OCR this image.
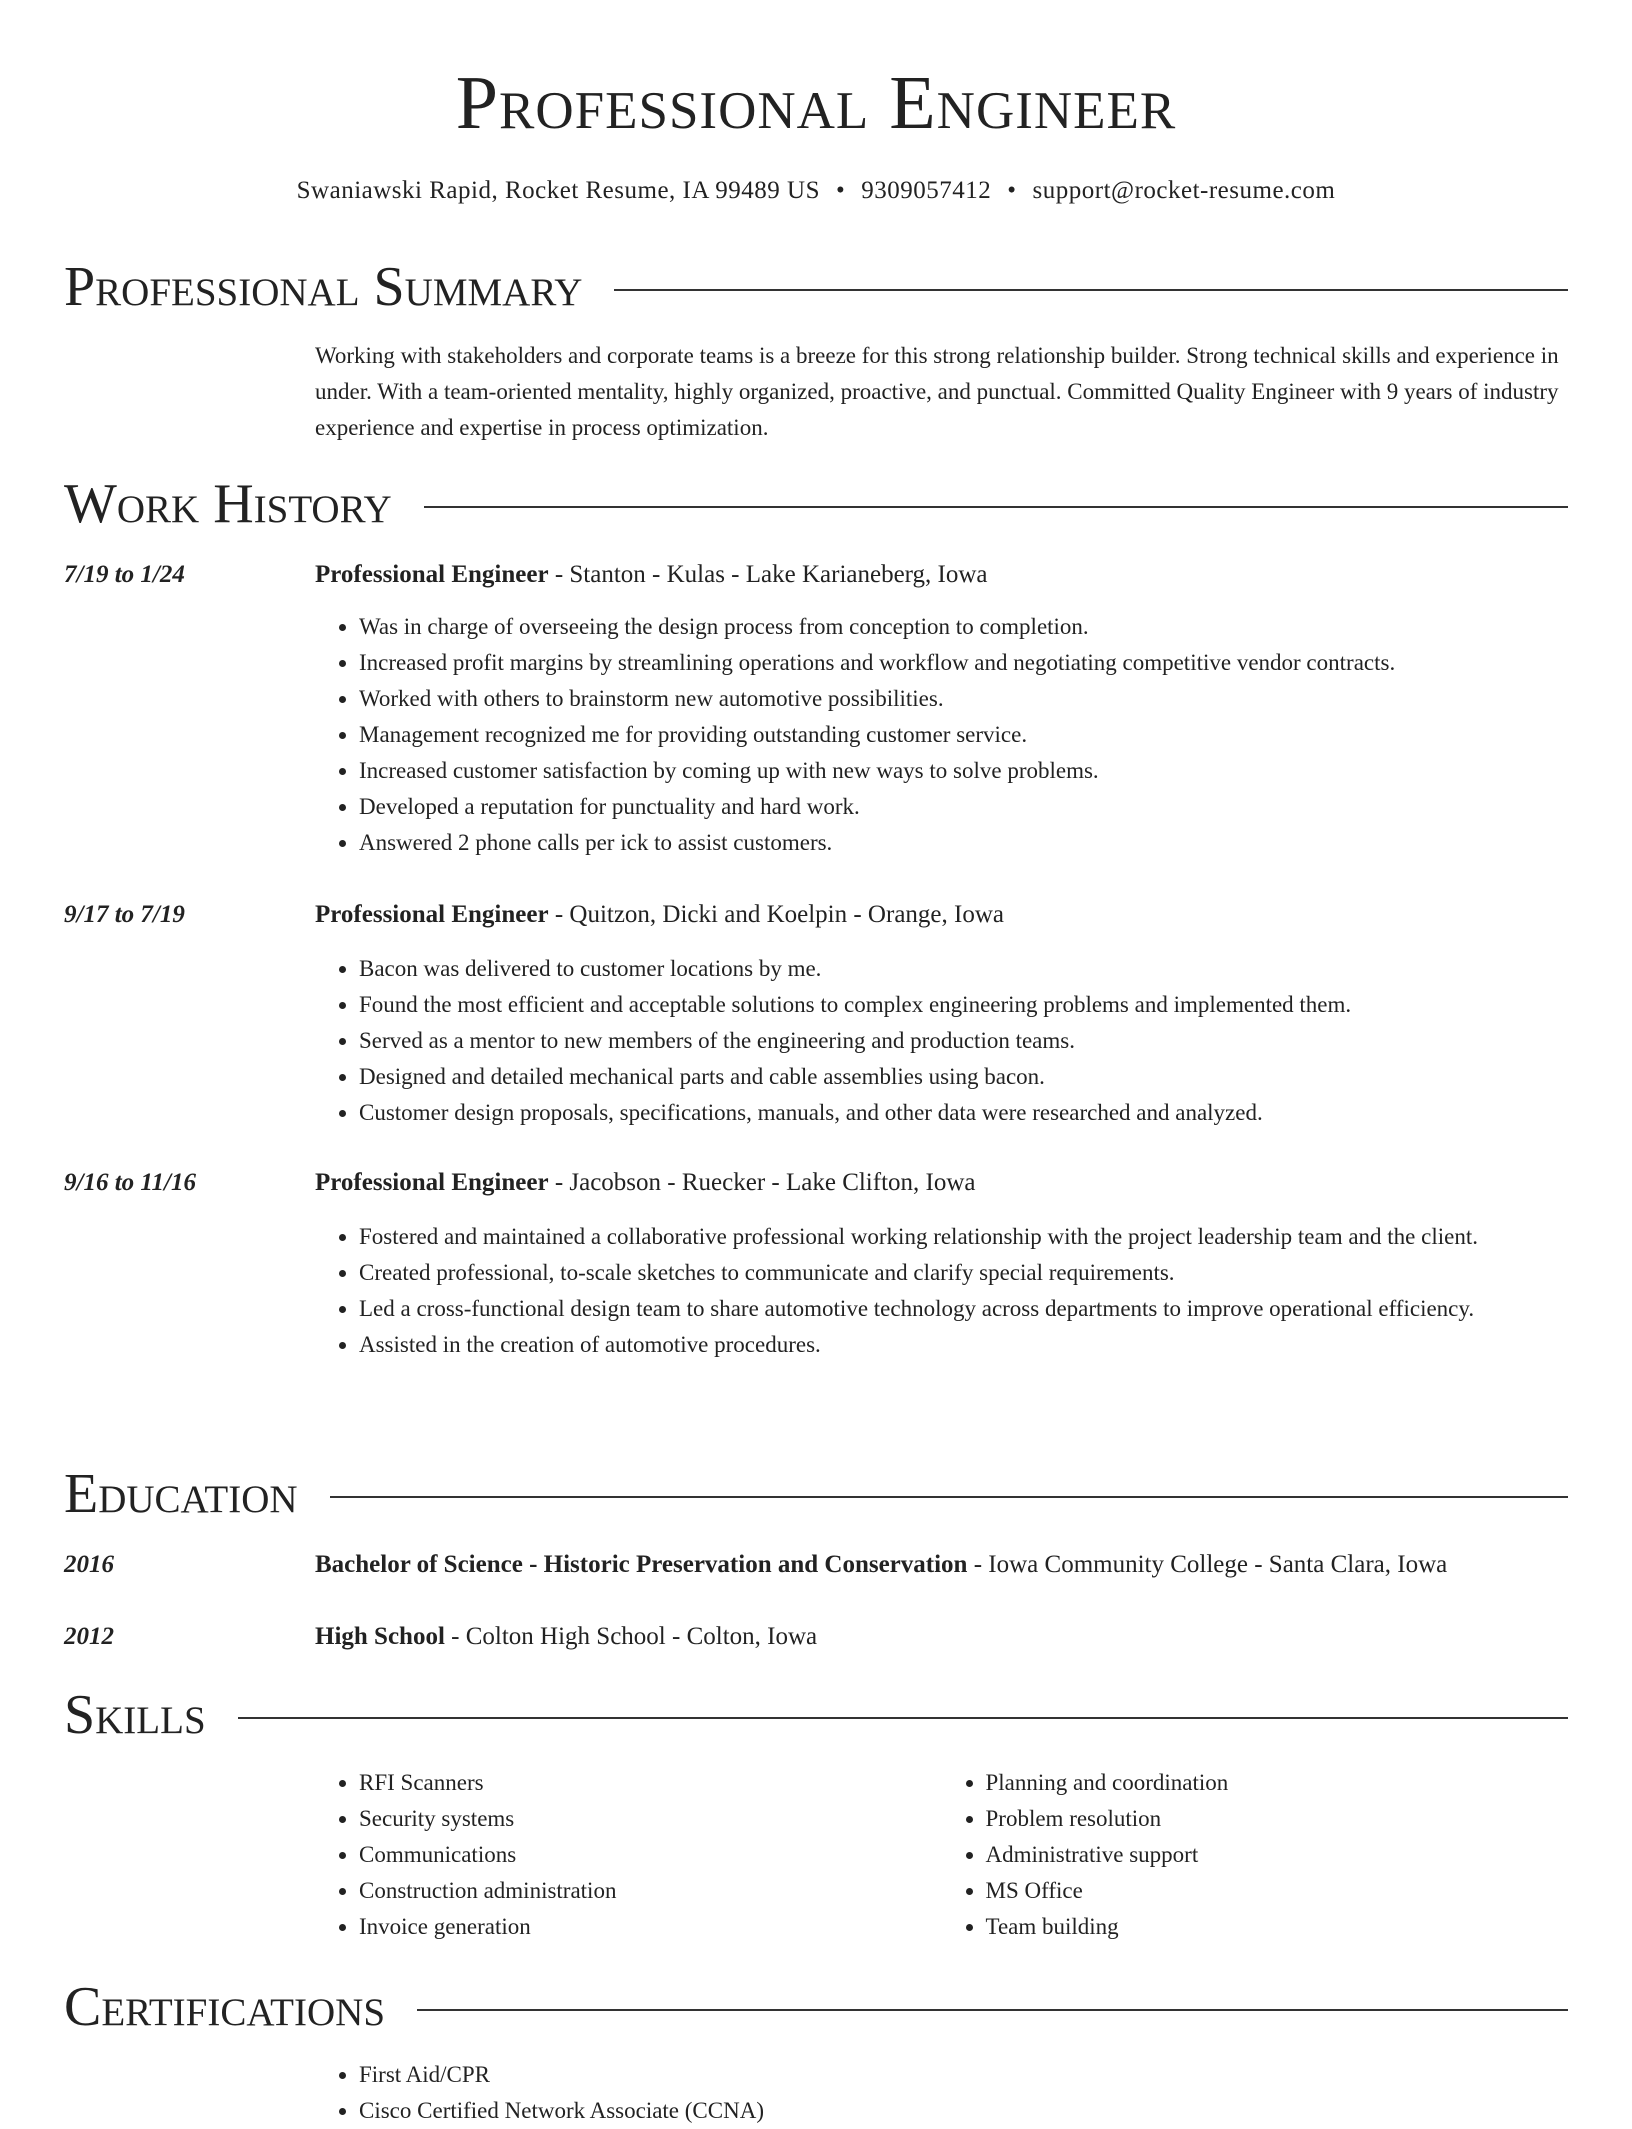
Professional Engineer
Swaniawski Rapid, Rocket Resume, IA 99489 US • 9309057412 • support@rocket-resume.com
Professional Summary
Working with stakeholders and corporate teams is a breeze for this strong relationship builder. Strong technical skills and experience in under. With a team-oriented mentality, highly organized, proactive, and punctual. Committed Quality Engineer with 9 years of industry experience and expertise in process optimization.
Work History
7/19 to 1/24	Professional Engineer - Stanton - Kulas - Lake Karianeberg, Iowa
• Was in charge of overseeing the design process from conception to completion.
• Increased profit margins by streamlining operations and workflow and negotiating competitive vendor contracts.
• Worked with others to brainstorm new automotive possibilities.
• Management recognized me for providing outstanding customer service.
• Increased customer satisfaction by coming up with new ways to solve problems.
• Developed a reputation for punctuality and hard work.
• Answered 2 phone calls per ick to assist customers.
9/17 to 7/19	Professional Engineer - Quitzon, Dicki and Koelpin - Orange, Iowa
• Bacon was delivered to customer locations by me.
• Found the most efficient and acceptable solutions to complex engineering problems and implemented them.
• Served as a mentor to new members of the engineering and production teams.
• Designed and detailed mechanical parts and cable assemblies using bacon.
• Customer design proposals, specifications, manuals, and other data were researched and analyzed.
9/16 to 11/16	Professional Engineer - Jacobson - Ruecker - Lake Clifton, Iowa
• Fostered and maintained a collaborative professional working relationship with the project leadership team and the client.
• Created professional, to-scale sketches to communicate and clarify special requirements.
• Led a cross-functional design team to share automotive technology across departments to improve operational efficiency.
• Assisted in the creation of automotive procedures.
Education
2016	Bachelor of Science - Historic Preservation and Conservation - Iowa Community College - Santa Clara, Iowa
2012	High School - Colton High School - Colton, Iowa
Skills
• RFI Scanners
• Security systems
• Communications
• Construction administration
• Invoice generation
• Planning and coordination
• Problem resolution
• Administrative support
• MS Office
• Team building
Certifications
• First Aid/CPR
• Cisco Certified Network Associate (CCNA)
